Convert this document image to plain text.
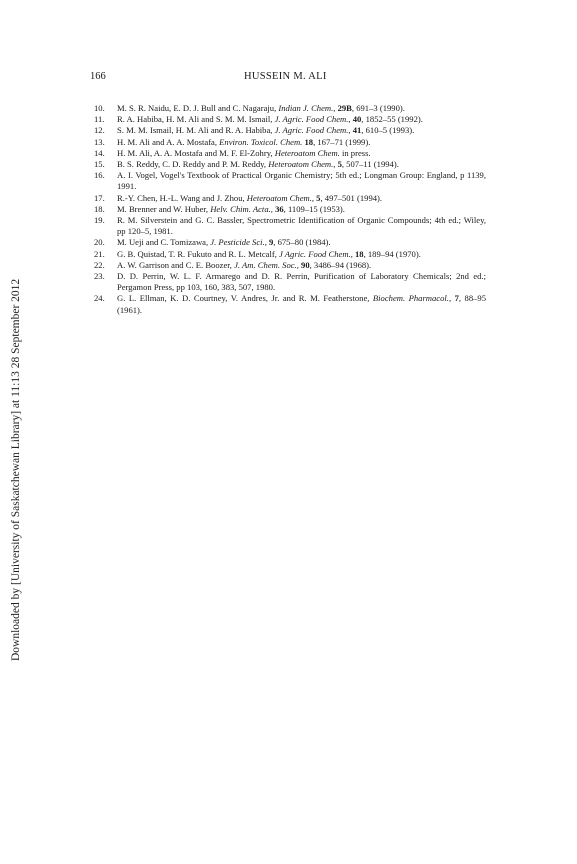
166	HUSSEIN M. ALI
10.	M. S. R. Naidu, E. D. J. Bull and C. Nagaraju, Indian J. Chem., 29B, 691–3 (1990).
11.	R. A. Habiba, H. M. Ali and S. M. M. Ismail, J. Agric. Food Chem., 40, 1852–55 (1992).
12.	S. M. M. Ismail, H. M. Ali and R. A. Habiba, J. Agric. Food Chem., 41, 610–5 (1993).
13.	H. M. Ali and A. A. Mostafa, Environ. Toxicol. Chem. 18, 167–71 (1999).
14.	H. M. Ali, A. A. Mostafa and M. F. El-Zohry, Heteroatom Chem. in press.
15.	B. S. Reddy, C. D. Reddy and P. M. Reddy, Heteroatom Chem., 5, 507–11 (1994).
16.	A. I. Vogel, Vogel's Textbook of Practical Organic Chemistry; 5th ed.; Longman Group: England, p 1139, 1991.
17.	R.-Y. Chen, H.-L. Wang and J. Zhou, Heteroatom Chem., 5, 497–501 (1994).
18.	M. Brenner and W. Huber, Helv. Chim. Acta., 36, 1109–15 (1953).
19.	R. M. Silverstein and G. C. Bassler, Spectrometric Identification of Organic Compounds; 4th ed.; Wiley, pp 120–5, 1981.
20.	M. Ueji and C. Tomizawa, J. Pesticide Sci., 9, 675–80 (1984).
21.	G. B. Quistad, T. R. Fukuto and R. L. Metcalf, J Agric. Food Chem., 18, 189–94 (1970).
22.	A. W. Garrison and C. E. Boozer, J. Am. Chem. Soc., 90, 3486–94 (1968).
23.	D. D. Perrin, W. L. F. Armarego and D. R. Perrin, Purification of Laboratory Chemicals; 2nd ed.; Pergamon Press, pp 103, 160, 383, 507, 1980.
24.	G. L. Ellman, K. D. Courtney, V. Andres, Jr. and R. M. Featherstone, Biochem. Pharmacol., 7, 88–95 (1961).
Downloaded by [University of Saskatchewan Library] at 11:13 28 September 2012
